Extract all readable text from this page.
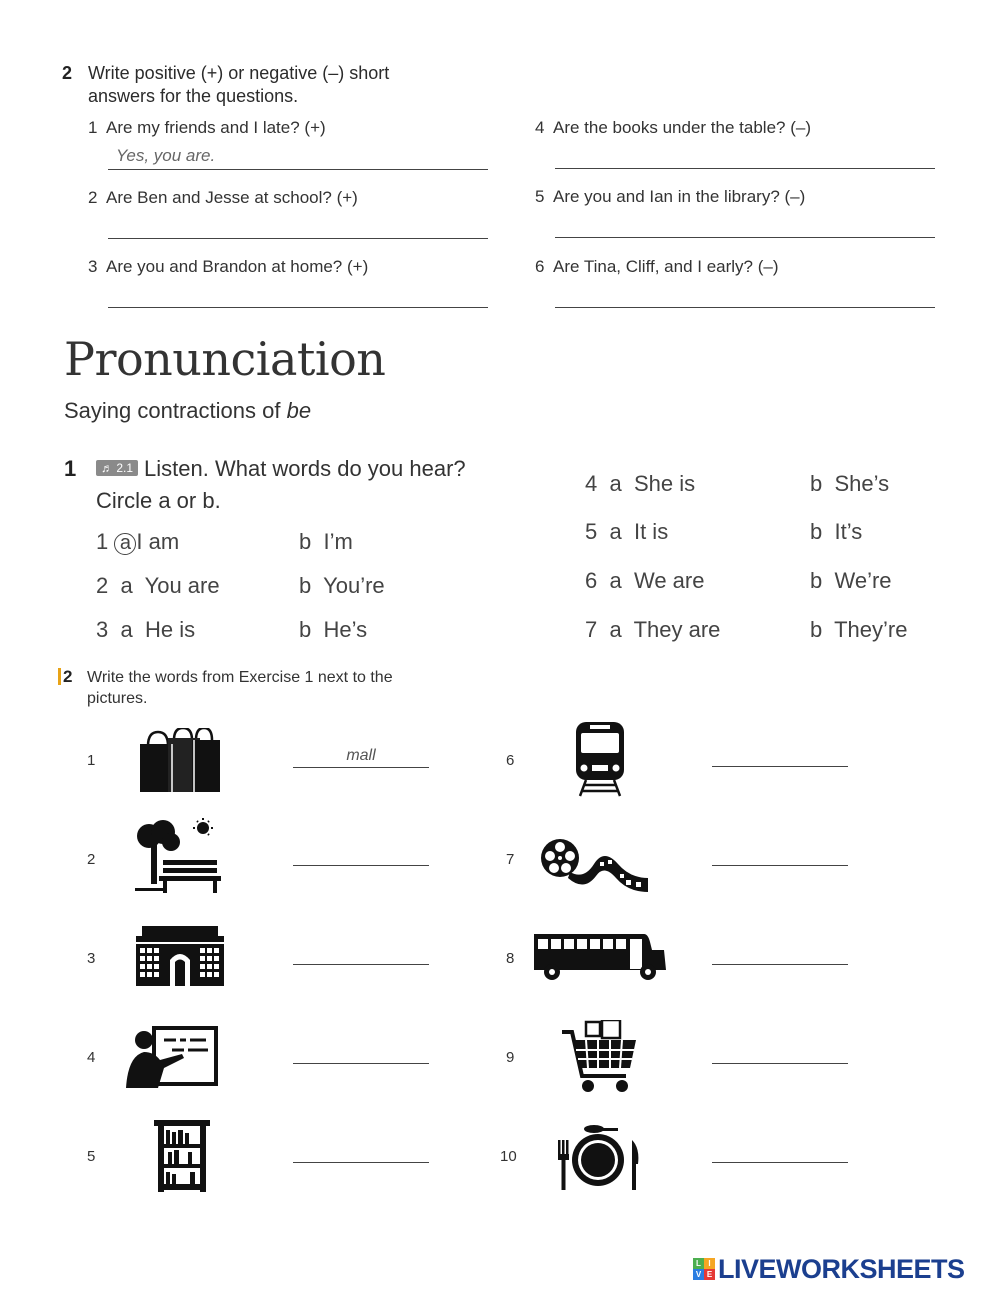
2 Write positive (+) or negative (–) short
answers for the questions.
1 Are my friends and I late? (+)
Yes, you are.
2 Are Ben and Jesse at school? (+)
3 Are you and Brandon at home? (+)
4 Are the books under the table? (–)
5 Are you and Ian in the library? (–)
6 Are Tina, Cliff, and I early? (–)
Pronunciation
Saying contractions of be
1	♬ 2.1 Listen. What words do you hear?
Circle a or b.
1 a I am	b I’m
2 a You are	b You’re
3 a He is	b He’s
4 a She is	b She’s
5 a It is	b It’s
6 a We are	b We’re
7 a They are	b They’re
2 Write the words from Exercise 1 next to the
pictures.
1
2
3
4
5
6
7
8
9
10
mall
L I
V E LIVEWORKSHEETS
